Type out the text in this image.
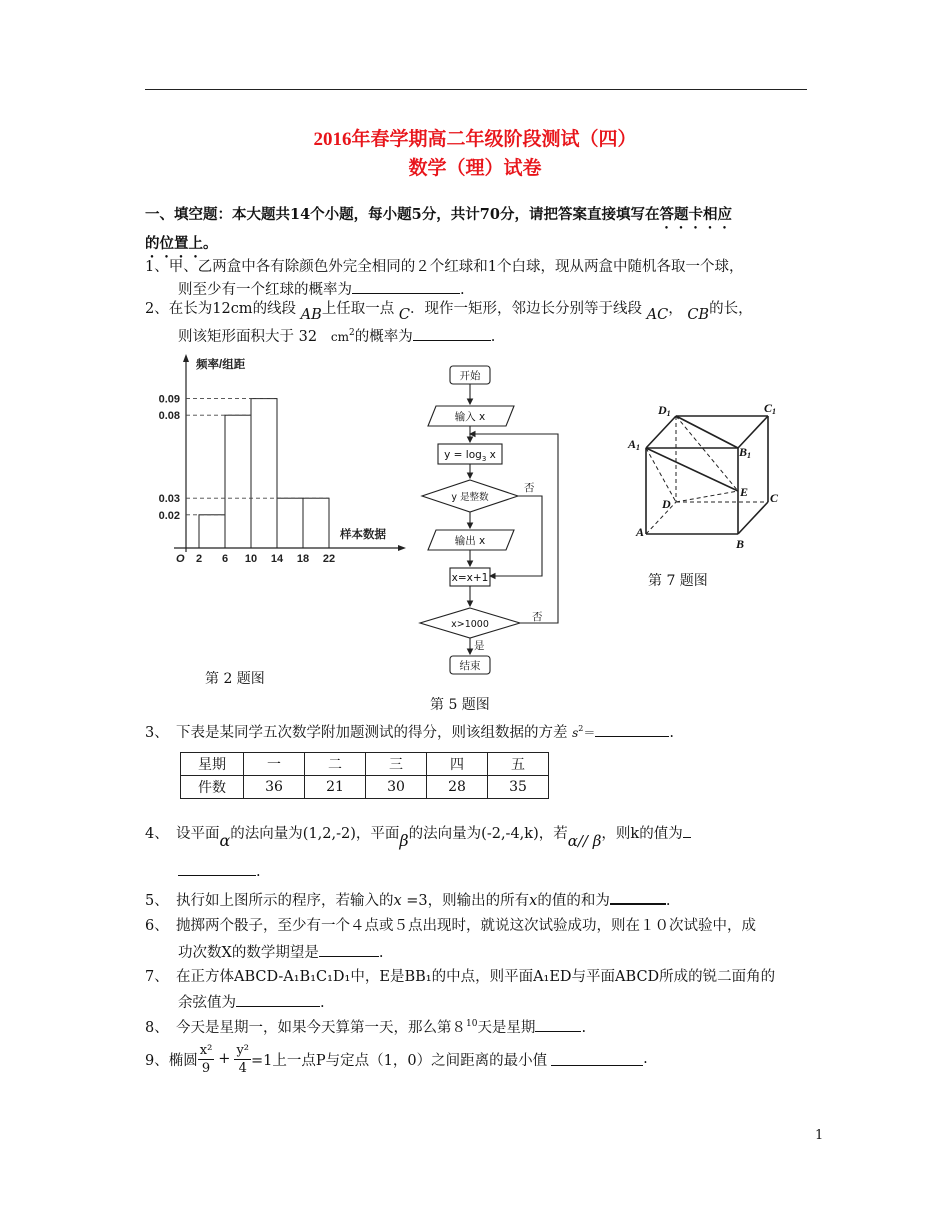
2016年春学期高二年级阶段测试（四）
数学（理）试卷
一、填空题：本大题共14个小题，每小题5分，共计70分，请把答案直接填写在答题卡相应
的位置上。
1、甲、乙两盒中各有除颜色外完全相同的２个红球和1个白球，现从两盒中随机各取一个球，
则至少有一个红球的概率为	.
2、在长为12cm的线段 AB上任取一点 C．现作一矩形，邻边长分别等于线段 AC， CB的长，
则该矩形面积大于 32 $cm^2$的概率为	.
0.02
0.03
0.08
0.09
2 6 10 14 18 22
O
频率/组距
样本数据
第 2 题图
开始
输入 x
$y = \log_3 x$
y 是整数
否
输出 x
x=x+1
x>1000
否
是
结束
第 5 题图
D1	C1
A1	B1
E
D	C
A
B
第 7 题图
3、　下表是某同学五次数学附加题测试的得分，则该组数据的方差 $s^2=$	.
星期	一	二	三	四	五
件数	36	21	30	28	35
4、　设平面α的法向量为(1,2,-2)，平面β的法向量为(-2,-4,k)，若α// β，则k的值为
.
5、　执行如上图所示的程序，若输入的x =3，则输出的所有x的值的和为	.
6、　抛掷两个骰子，至少有一个４点或５点出现时，就说这次试验成功，则在１０次试验中，成
功次数X的数学期望是	.
7、　在正方体ABCD-A₁B₁C₁D₁中，E是BB₁的中点，则平面A₁ED与平面ABCD所成的锐二面角的
余弦值为	.
8、　今天是星期一，如果今天算第一天，那么第$8^{10}$天是星期	.
9、椭圆 $\frac{\text{x²}}{9} + \frac{\text{y²}}{4} =1$上一点P与定点（1，0）之间距离的最小值	.
1
